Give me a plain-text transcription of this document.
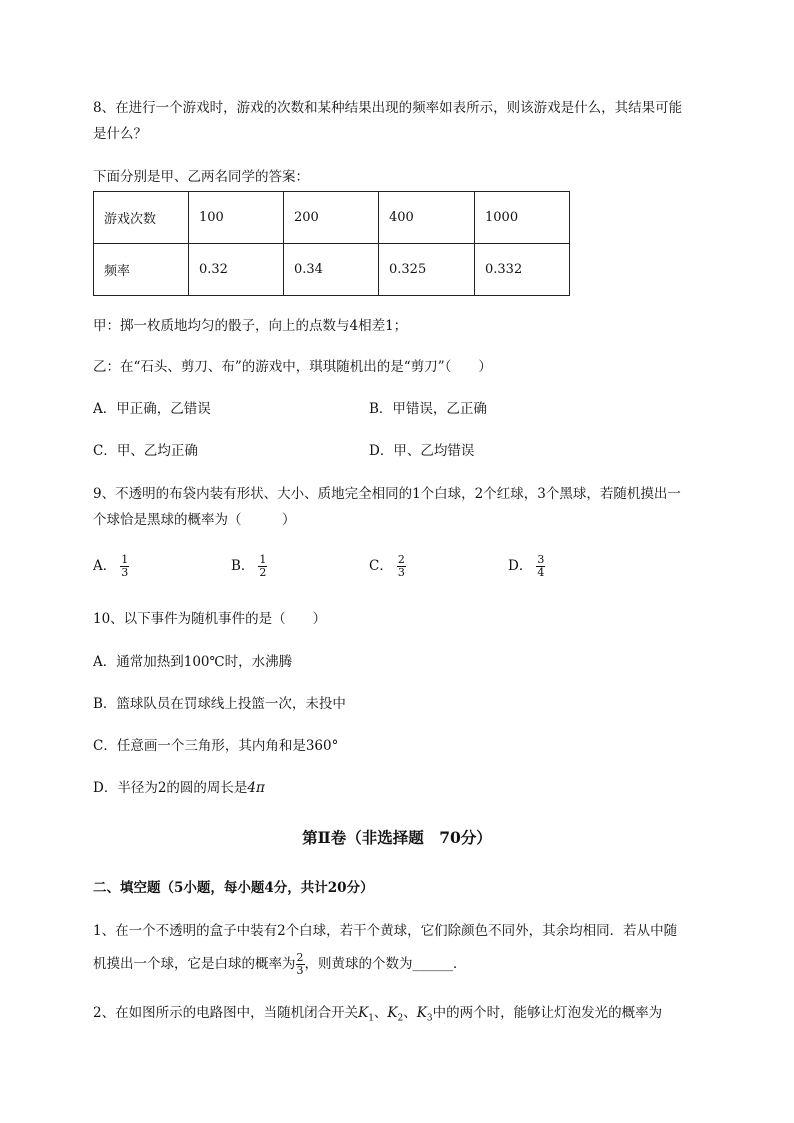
8、在进行一个游戏时，游戏的次数和某种结果出现的频率如表所示，则该游戏是什么，其结果可能
是什么？
下面分别是甲、乙两名同学的答案：
游戏次数	100	200	400	1000
频率	0.32	0.34	0.325	0.332
甲：掷一枚质地均匀的骰子，向上的点数与4相差1；
乙：在“石头、剪刀、布”的游戏中，琪琪随机出的是“剪刀”（　　）
A．甲正确，乙错误	B．甲错误，乙正确
C．甲、乙均正确	D．甲、乙均错误
9、不透明的布袋内装有形状、大小、质地完全相同的1个白球，2个红球，3个黑球，若随机摸出一
个球恰是黑球的概率为（　　　）
A． $\frac{1}{3}$	B． $\frac{1}{2}$	C． $\frac{2}{3}$	D． $\frac{3}{4}$
10、以下事件为随机事件的是（　　）
A．通常加热到100℃时，水沸腾
B．篮球队员在罚球线上投篮一次，未投中
C．任意画一个三角形，其内角和是360°
D．半径为2的圆的周长是4π
第Ⅱ卷（非选择题　70分）
二、填空题（5小题，每小题4分，共计20分）
1、在一个不透明的盒子中装有2个白球，若干个黄球，它们除颜色不同外，其余均相同．若从中随
机摸出一个球，它是白球的概率为 $\frac{2}{3}$ ，则黄球的个数为______．
2、在如图所示的电路图中，当随机闭合开关$K_1$、$K_2$、$K_3$中的两个时，能够让灯泡发光的概率为
